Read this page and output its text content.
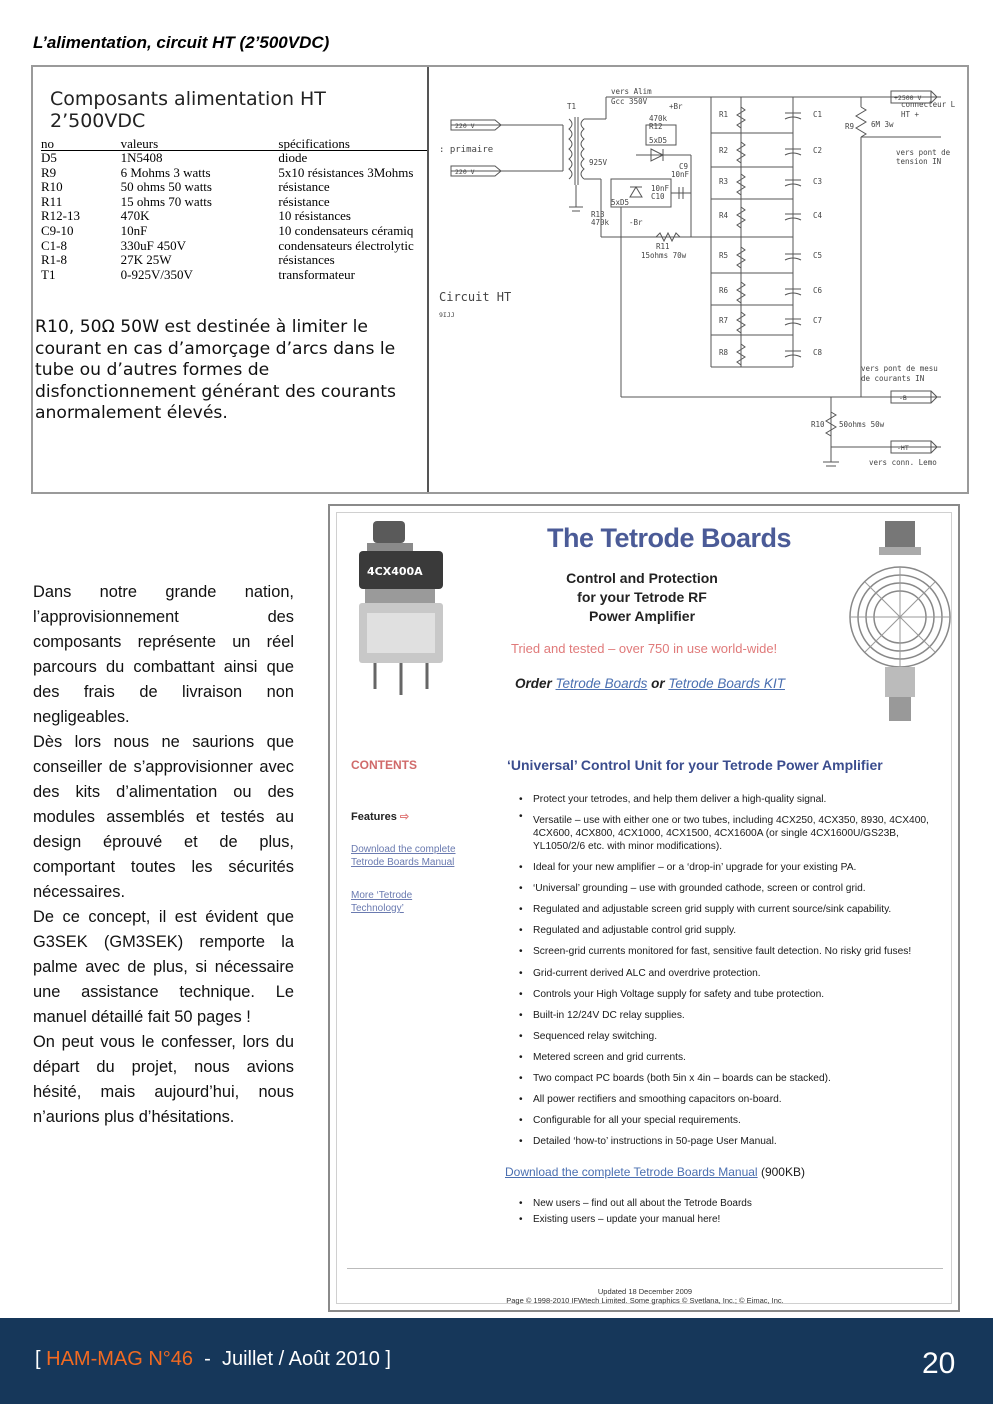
L’alimentation, circuit HT (2’500VDC)
Composants alimentation HT 2’500VDC
no	valeurs	spécifications
D5	1N5408	diode
R9	6 Mohms 3 watts	5x10 résistances 3Mohms
R10	50 ohms 50 watts	résistance
R11	15 ohms 70 watts	résistance
R12-13	470K	10 résistances
C9-10	10nF	10 condensateurs céramiq
C1-8	330uF 450V	condensateurs électrolytic
R1-8	27K 25W	résistances
T1	0-925V/350V	transformateur
R10, 50Ω 50W est destinée à limiter le courant en cas d’amorçage d’arcs dans le tube ou d’autres formes de disfonctionnement générant des courants anormalement élevés.
vers Alim
Gcc 350V
+Br
T1
925V
: primaire
220 V
220 V
470k
R12
5xD5
C9
10nF
10nF
C10
5xD5
R13
470k	-Br
R11
15ohms 70w
R1
R2
R3
R4
R5
R6
R7
R8
C1
C2
C3
C4
C5
C6
C7
C8
R9 6M 3w
R10 50ohms 50w
+2500 V
connecteur L
HT +
vers pont de
tension IN
vers pont de mesu
de courants IN
-B
-HT
vers conn. Lemo
Circuit HT
9IJJ

Dans notre grande nation, l’approvisionnement des composants représente un réel parcours du combattant ainsi que des frais de livraison non negligeables.

Dès lors nous ne saurions que conseiller de s’approvisionner avec des kits d’alimentation ou des modules assemblés et testés au design éprouvé et de plus, comportant toutes les sécurités nécessaires.

De ce concept, il est évident que G3SEK (GM3SEK) remporte la palme avec de plus, si nécessaire une assistance technique. Le manuel détaillé fait 50 pages !

On peut vous le confesser, lors du départ du projet, nous avions hésité, mais aujourd’hui, nous n’aurions plus d’hésitations.

4CX400A
The Tetrode Boards
Control and Protection for your Tetrode RF Power Amplifier
Tried and tested – over 750 in use world-wide!
Order Tetrode Boards or Tetrode Boards KIT
CONTENTS
Features ⇨
Download the complete Tetrode Boards Manual
More ‘Tetrode Technology’
‘Universal’ Control Unit for your Tetrode Power Amplifier
• Protect your tetrodes, and help them deliver a high-quality signal.
• Versatile – use with either one or two tubes, including 4CX250, 4CX350, 8930, 4CX400, 4CX600, 4CX800, 4CX1000, 4CX1500, 4CX1600A (or single 4CX1600U/GS23B, YL1050/2/6 etc. with minor modifications).
• Ideal for your new amplifier – or a ‘drop-in’ upgrade for your existing PA.
• ‘Universal’ grounding – use with grounded cathode, screen or control grid.
• Regulated and adjustable screen grid supply with current source/sink capability.
• Regulated and adjustable control grid supply.
• Screen-grid currents monitored for fast, sensitive fault detection. No risky grid fuses!
• Grid-current derived ALC and overdrive protection.
• Controls your High Voltage supply for safety and tube protection.
• Built-in 12/24V DC relay supplies.
• Sequenced relay switching.
• Metered screen and grid currents.
• Two compact PC boards (both 5in x 4in – boards can be stacked).
• All power rectifiers and smoothing capacitors on-board.
• Configurable for all your special requirements.
• Detailed ‘how-to’ instructions in 50-page User Manual.
Download the complete Tetrode Boards Manual (900KB)
• New users – find out all about the Tetrode Boards
• Existing users – update your manual here!
Updated 18 December 2009
Page © 1998-2010 IFWtech Limited. Some graphics © Svetlana, Inc.; © Eimac, Inc.
[ HAM-MAG N°46 - Juillet / Août 2010 ]	20
